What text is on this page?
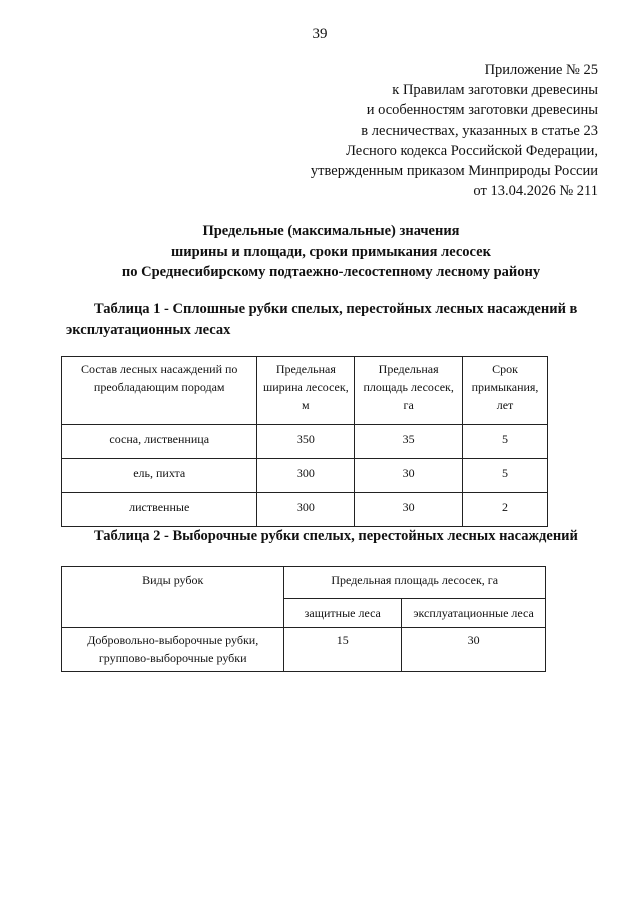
39
Приложение № 25
к Правилам заготовки древесины
и особенностям заготовки древесины
в лесничествах, указанных в статье 23
Лесного кодекса Российской Федерации,
утвержденным приказом Минприроды России
от 13.04.2026 № 211
Предельные (максимальные) значения
ширины и площади, сроки примыкания лесосек
по Среднесибирскому подтаежно-лесостепному лесному району
Таблица 1 - Сплошные рубки спелых, перестойных лесных насаждений в эксплуатационных лесах
Состав лесных насаждений по преобладающим породам	Предельная ширина лесосек, м	Предельная площадь лесосек, га	Срок примыкания, лет
сосна, лиственница	350	35	5
ель, пихта	300	30	5
лиственные	300	30	2
Таблица 2 - Выборочные рубки спелых, перестойных лесных насаждений
Виды рубок	Предельная площадь лесосек, га	
	защитные леса	эксплуатационные леса
Добровольно-выборочные рубки, групповo-выборочные рубки	15	30
